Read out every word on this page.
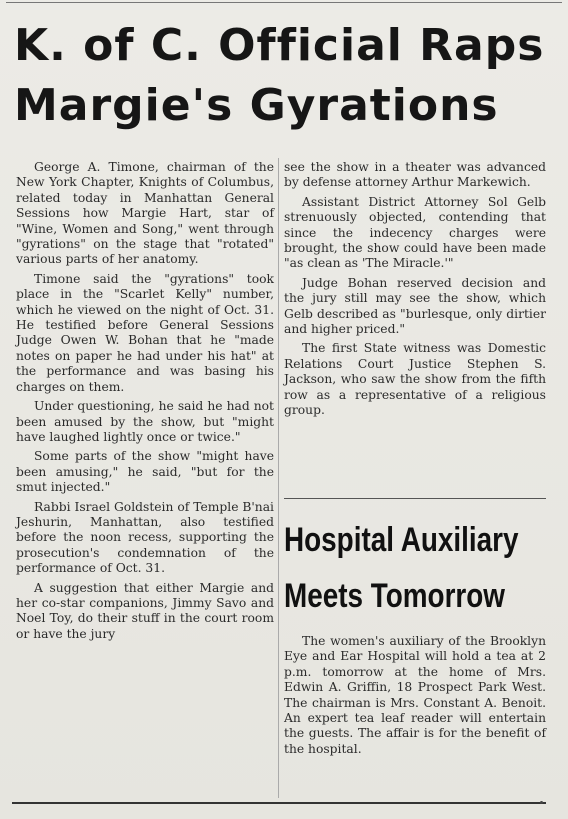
K. of C. Official Raps
Margie's Gyrations

George A. Timone, chairman of the New York Chapter, Knights of Columbus, related today in Manhattan General Sessions how Margie Hart, star of "Wine, Women and Song," went through "gyrations" on the stage that "rotated" various parts of her anatomy.

Timone said the "gyrations" took place in the "Scarlet Kelly" number, which he viewed on the night of Oct. 31. He testified before General Sessions Judge Owen W. Bohan that he "made notes on paper he had under his hat" at the performance and was basing his charges on them.

Under questioning, he said he had not been amused by the show, but "might have laughed lightly once or twice."

Some parts of the show "might have been amusing," he said, "but for the smut injected."

Rabbi Israel Goldstein of Temple B'nai Jeshurin, Manhattan, also testified before the noon recess, supporting the prosecution's condemnation of the performance of Oct. 31.

A suggestion that either Margie and her co-star companions, Jimmy Savo and Noel Toy, do their stuff in the court room or have the jury

see the show in a theater was advanced by defense attorney Arthur Markewich.

Assistant District Attorney Sol Gelb strenuously objected, contending that since the indecency charges were brought, the show could have been made "as clean as 'The Miracle.'"

Judge Bohan reserved decision and the jury still may see the show, which Gelb described as "burlesque, only dirtier and higher priced."

The first State witness was Domestic Relations Court Justice Stephen S. Jackson, who saw the show from the fifth row as a representative of a religious group.

Hospital Auxiliary
Meets Tomorrow

The women's auxiliary of the Brooklyn Eye and Ear Hospital will hold a tea at 2 p.m. tomorrow at the home of Mrs. Edwin A. Griffin, 18 Prospect Park West. The chairman is Mrs. Constant A. Benoit. An expert tea leaf reader will entertain the guests. The affair is for the benefit of the hospital.
